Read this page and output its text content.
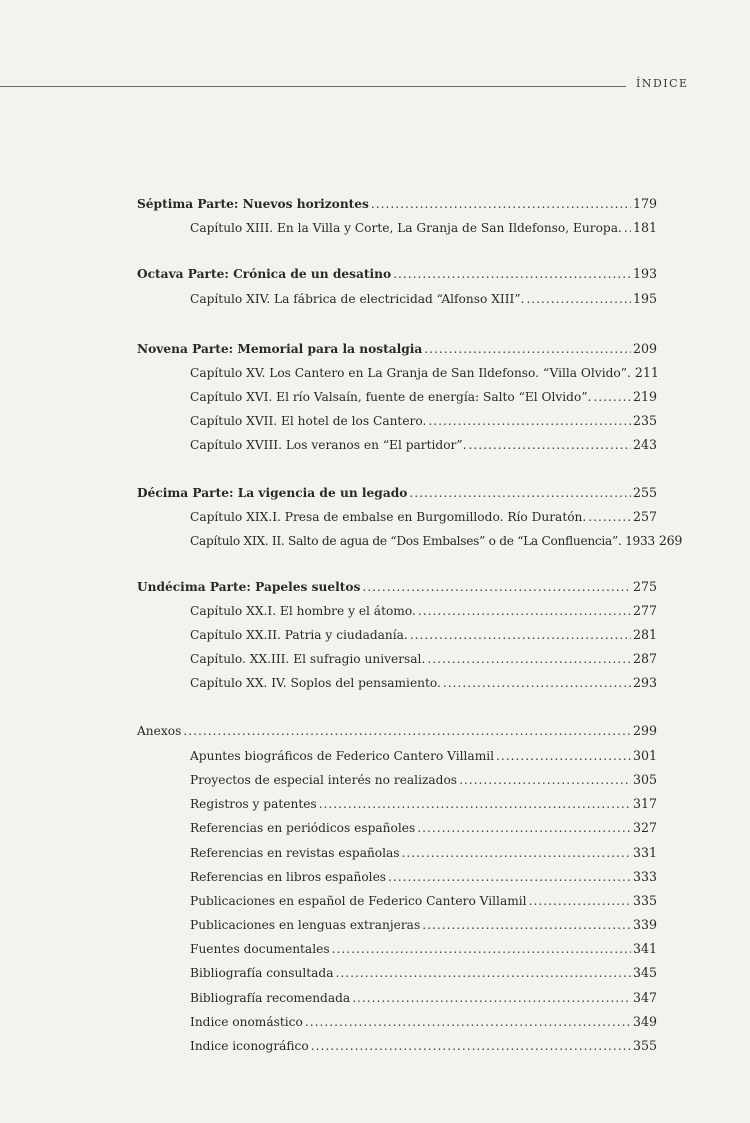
ÍNDICE
Séptima Parte: Nuevos horizontes .....	179
Capítulo XIII. En la Villa y Corte, La Granja de San Ildefonso, Europa. ..... 181
Octava Parte: Crónica de un desatino .....	193
Capítulo XIV. La fábrica de electricidad “Alfonso XIII”. .....	195
Novena Parte: Memorial para la nostalgia .....	209
Capítulo XV. Los Cantero en La Granja de San Ildefonso. “Villa Olvido”. 211
Capítulo XVI. El río Valsaín, fuente de energía: Salto “El Olvido”. .....	219
Capítulo XVII. El hotel de los Cantero. .....	235
Capítulo XVIII. Los veranos en “El partidor”. .....	243
Décima Parte: La vigencia de un legado .....	255
Capítulo XIX.I. Presa de embalse en Burgomillodo. Río Duratón. .....	257
Capítulo XIX. II. Salto de agua de “Dos Embalses” o de “La Confluencia”. 1933 269
Undécima Parte: Papeles sueltos .....	275
Capítulo XX.I. El hombre y el átomo. .....	277
Capítulo XX.II. Patria y ciudadanía. .....	281
Capítulo. XX.III. El sufragio universal. .....	287
Capítulo XX. IV. Soplos del pensamiento. .....	293
Anexos .....	299
Apuntes biográficos de Federico Cantero Villamil .....	301
Proyectos de especial interés no realizados .....	305
Registros y patentes .....	317
Referencias en periódicos españoles .....	327
Referencias en revistas españolas .....	331
Referencias en libros españoles .....	333
Publicaciones en español de Federico Cantero Villamil .....	335
Publicaciones en lenguas extranjeras .....	339
Fuentes documentales .....	341
Bibliografía consultada .....	345
Bibliografía recomendada .....	347
Indice onomástico .....	349
Indice iconográfico .....	355
